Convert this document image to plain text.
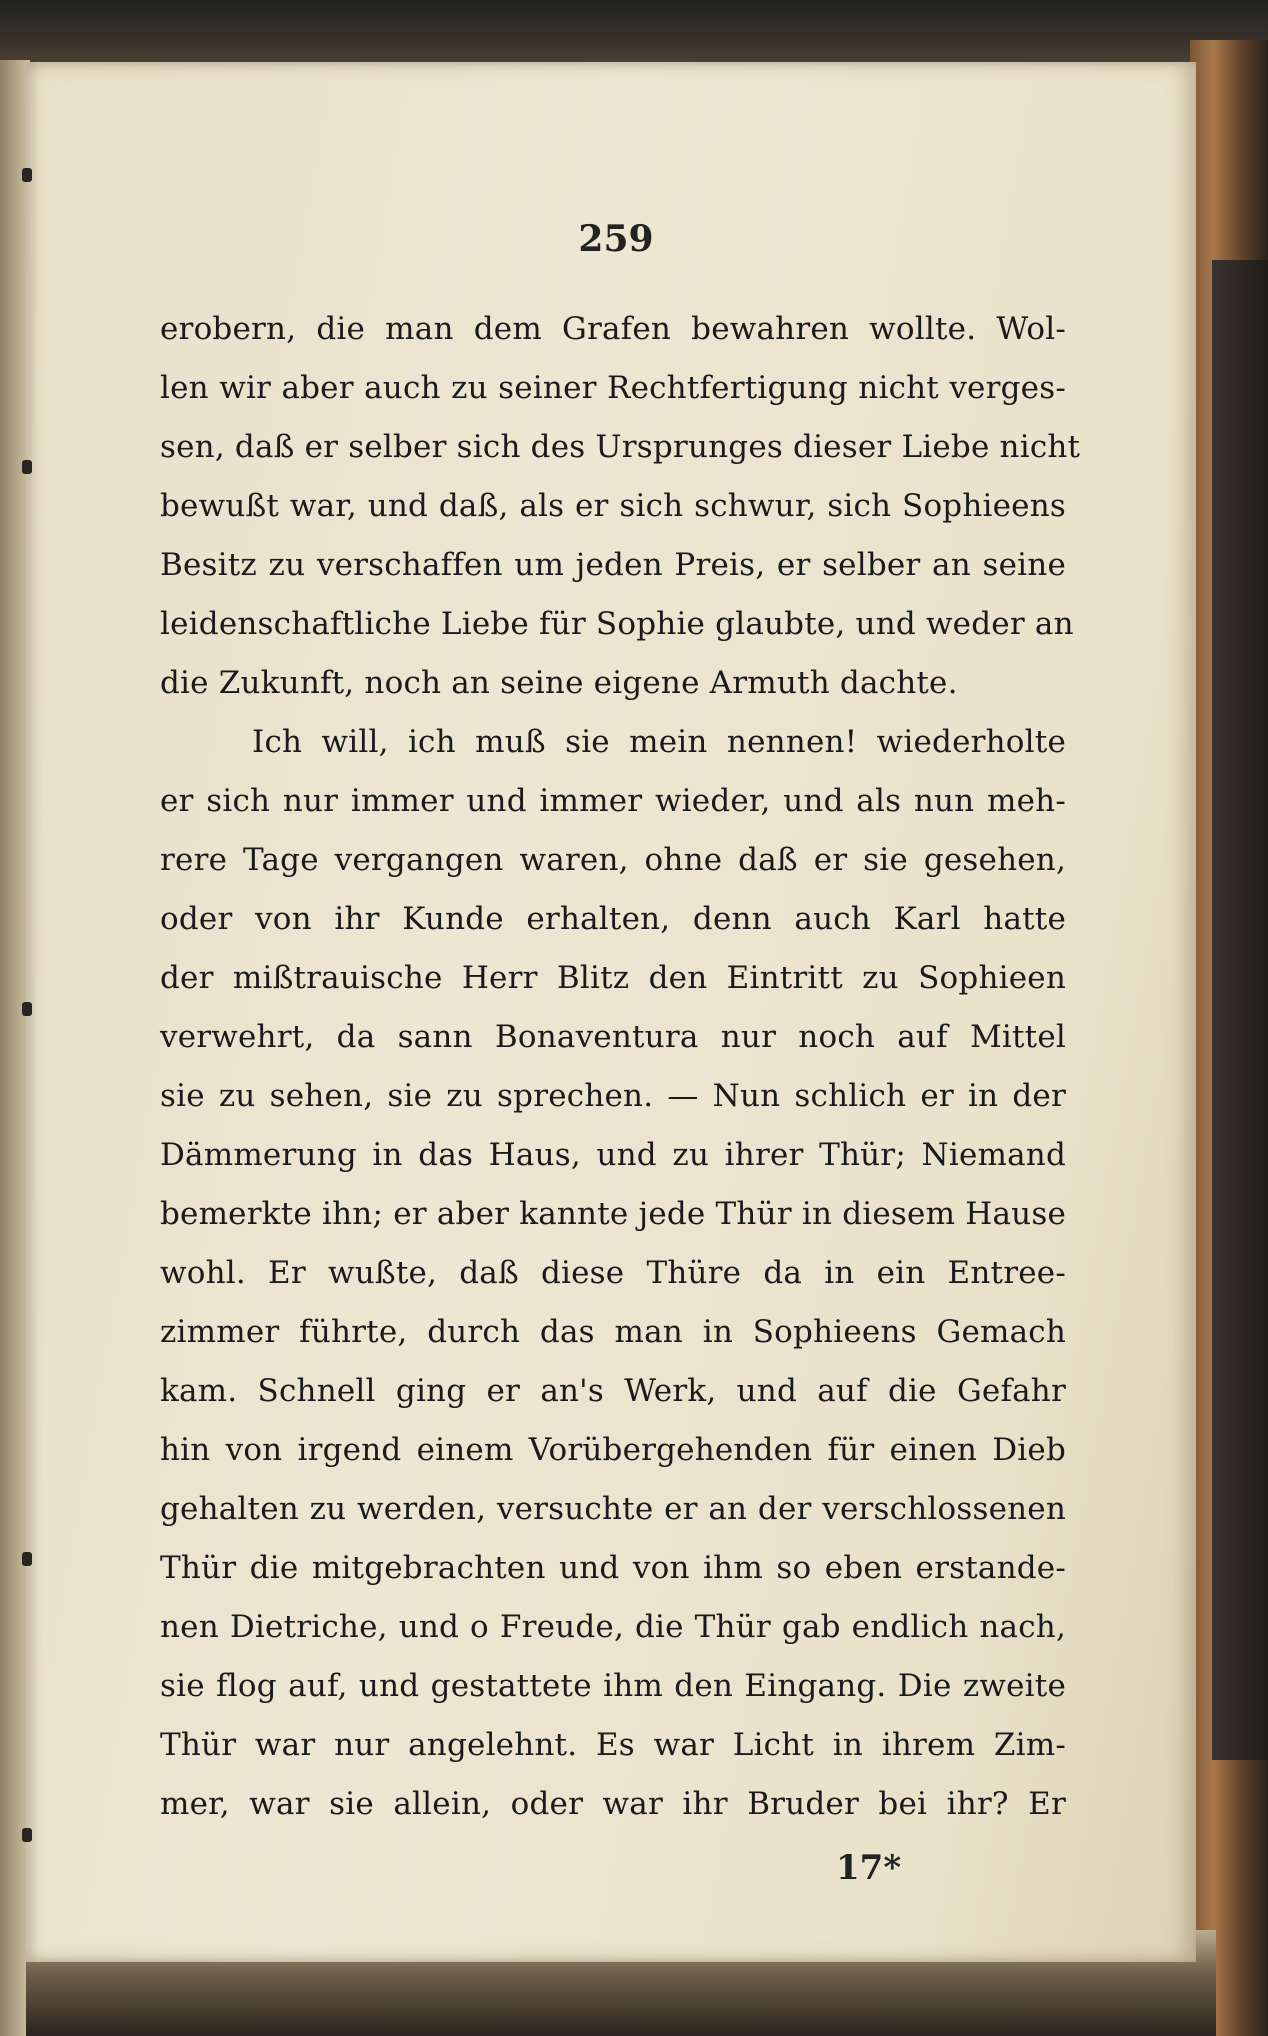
259
erobern, die man dem Grafen bewahren wollte. Wol-
len wir aber auch zu seiner Rechtfertigung nicht verges-
sen, daß er selber sich des Ursprunges dieser Liebe nicht
bewußt war, und daß, als er sich schwur, sich Sophieens
Besitz zu verschaffen um jeden Preis, er selber an seine
leidenschaftliche Liebe für Sophie glaubte, und weder an
die Zukunft, noch an seine eigene Armuth dachte.
Ich will, ich muß sie mein nennen! wiederholte
er sich nur immer und immer wieder, und als nun meh-
rere Tage vergangen waren, ohne daß er sie gesehen,
oder von ihr Kunde erhalten, denn auch Karl hatte
der mißtrauische Herr Blitz den Eintritt zu Sophieen
verwehrt, da sann Bonaventura nur noch auf Mittel
sie zu sehen, sie zu sprechen. — Nun schlich er in der
Dämmerung in das Haus, und zu ihrer Thür; Niemand
bemerkte ihn; er aber kannte jede Thür in diesem Hause
wohl. Er wußte, daß diese Thüre da in ein Entree-
zimmer führte, durch das man in Sophieens Gemach
kam. Schnell ging er an's Werk, und auf die Gefahr
hin von irgend einem Vorübergehenden für einen Dieb
gehalten zu werden, versuchte er an der verschlossenen
Thür die mitgebrachten und von ihm so eben erstande-
nen Dietriche, und o Freude, die Thür gab endlich nach,
sie flog auf, und gestattete ihm den Eingang. Die zweite
Thür war nur angelehnt. Es war Licht in ihrem Zim-
mer, war sie allein, oder war ihr Bruder bei ihr? Er
17*
